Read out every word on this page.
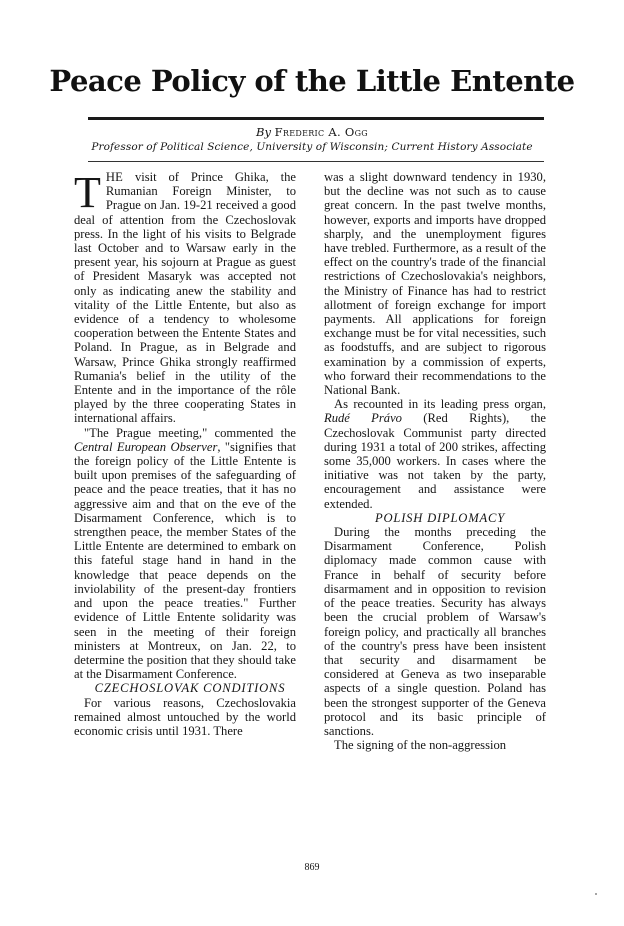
Peace Policy of the Little Entente
By Frederic A. Ogg
Professor of Political Science, University of Wisconsin; Current History Associate

THE visit of Prince Ghika, the Rumanian Foreign Minister, to Prague on Jan. 19-21 received a good deal of attention from the Czechoslovak press. In the light of his visits to Belgrade last October and to Warsaw early in the present year, his sojourn at Prague as guest of President Masaryk was accepted not only as indicating anew the stability and vitality of the Little Entente, but also as evidence of a tendency to wholesome cooperation between the Entente States and Poland. In Prague, as in Belgrade and Warsaw, Prince Ghika strongly reaffirmed Rumania's belief in the utility of the Entente and in the importance of the rôle played by the three cooperating States in international affairs.

"The Prague meeting," commented the Central European Observer, "signifies that the foreign policy of the Little Entente is built upon premises of the safeguarding of peace and the peace treaties, that it has no aggressive aim and that on the eve of the Disarmament Conference, which is to strengthen peace, the member States of the Little Entente are determined to embark on this fateful stage hand in hand in the knowledge that peace depends on the inviolability of the present-day frontiers and upon the peace treaties." Further evidence of Little Entente solidarity was seen in the meeting of their foreign ministers at Montreux, on Jan. 22, to determine the position that they should take at the Disarmament Conference.

CZECHOSLOVAK CONDITIONS

For various reasons, Czechoslovakia remained almost untouched by the world economic crisis until 1931. There

was a slight downward tendency in 1930, but the decline was not such as to cause great concern. In the past twelve months, however, exports and imports have dropped sharply, and the unemployment figures have trebled. Furthermore, as a result of the effect on the country's trade of the financial restrictions of Czechoslovakia's neighbors, the Ministry of Finance has had to restrict allotment of foreign exchange for import payments. All applications for foreign exchange must be for vital necessities, such as foodstuffs, and are subject to rigorous examination by a commission of experts, who forward their recommendations to the National Bank.

As recounted in its leading press organ, Rudé Právo (Red Rights), the Czechoslovak Communist party directed during 1931 a total of 200 strikes, affecting some 35,000 workers. In cases where the initiative was not taken by the party, encouragement and assistance were extended.

POLISH DIPLOMACY

During the months preceding the Disarmament Conference, Polish diplomacy made common cause with France in behalf of security before disarmament and in opposition to revision of the peace treaties. Security has always been the crucial problem of Warsaw's foreign policy, and practically all branches of the country's press have been insistent that security and disarmament be considered at Geneva as two inseparable aspects of a single question. Poland has been the strongest supporter of the Geneva protocol and its basic principle of sanctions.

The signing of the non-aggression

869
